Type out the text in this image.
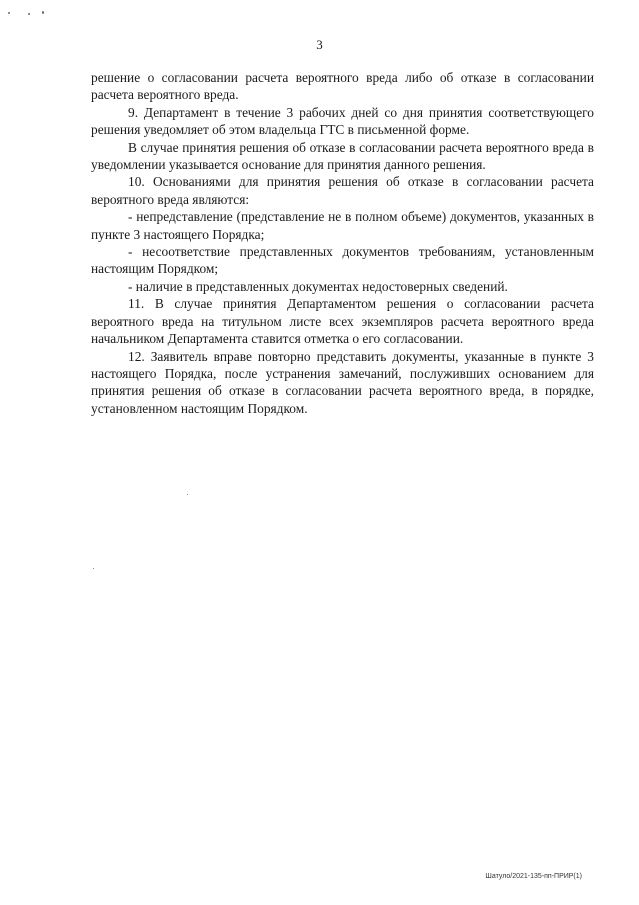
3

решение о согласовании расчета вероятного вреда либо об отказе в согласовании расчета вероятного вреда.

9. Департамент в течение 3 рабочих дней со дня принятия соответствующего решения уведомляет об этом владельца ГТС в письменной форме.

В случае принятия решения об отказе в согласовании расчета вероятного вреда в уведомлении указывается основание для принятия данного решения.

10. Основаниями для принятия решения об отказе в согласовании расчета вероятного вреда являются:

- непредставление (представление не в полном объеме) документов, указанных в пункте 3 настоящего Порядка;

- несоответствие представленных документов требованиям, установленным настоящим Порядком;

- наличие в представленных документах недостоверных сведений.

11. В случае принятия Департаментом решения о согласовании расчета вероятного вреда на титульном листе всех экземпляров расчета вероятного вреда начальником Департамента ставится отметка о его согласовании.

12. Заявитель вправе повторно представить документы, указанные в пункте 3 настоящего Порядка, после устранения замечаний, послуживших основанием для принятия решения об отказе в согласовании расчета вероятного вреда, в порядке, установленном настоящим Порядком.

Шатуло/2021-135-пп-ПРИР(1)
